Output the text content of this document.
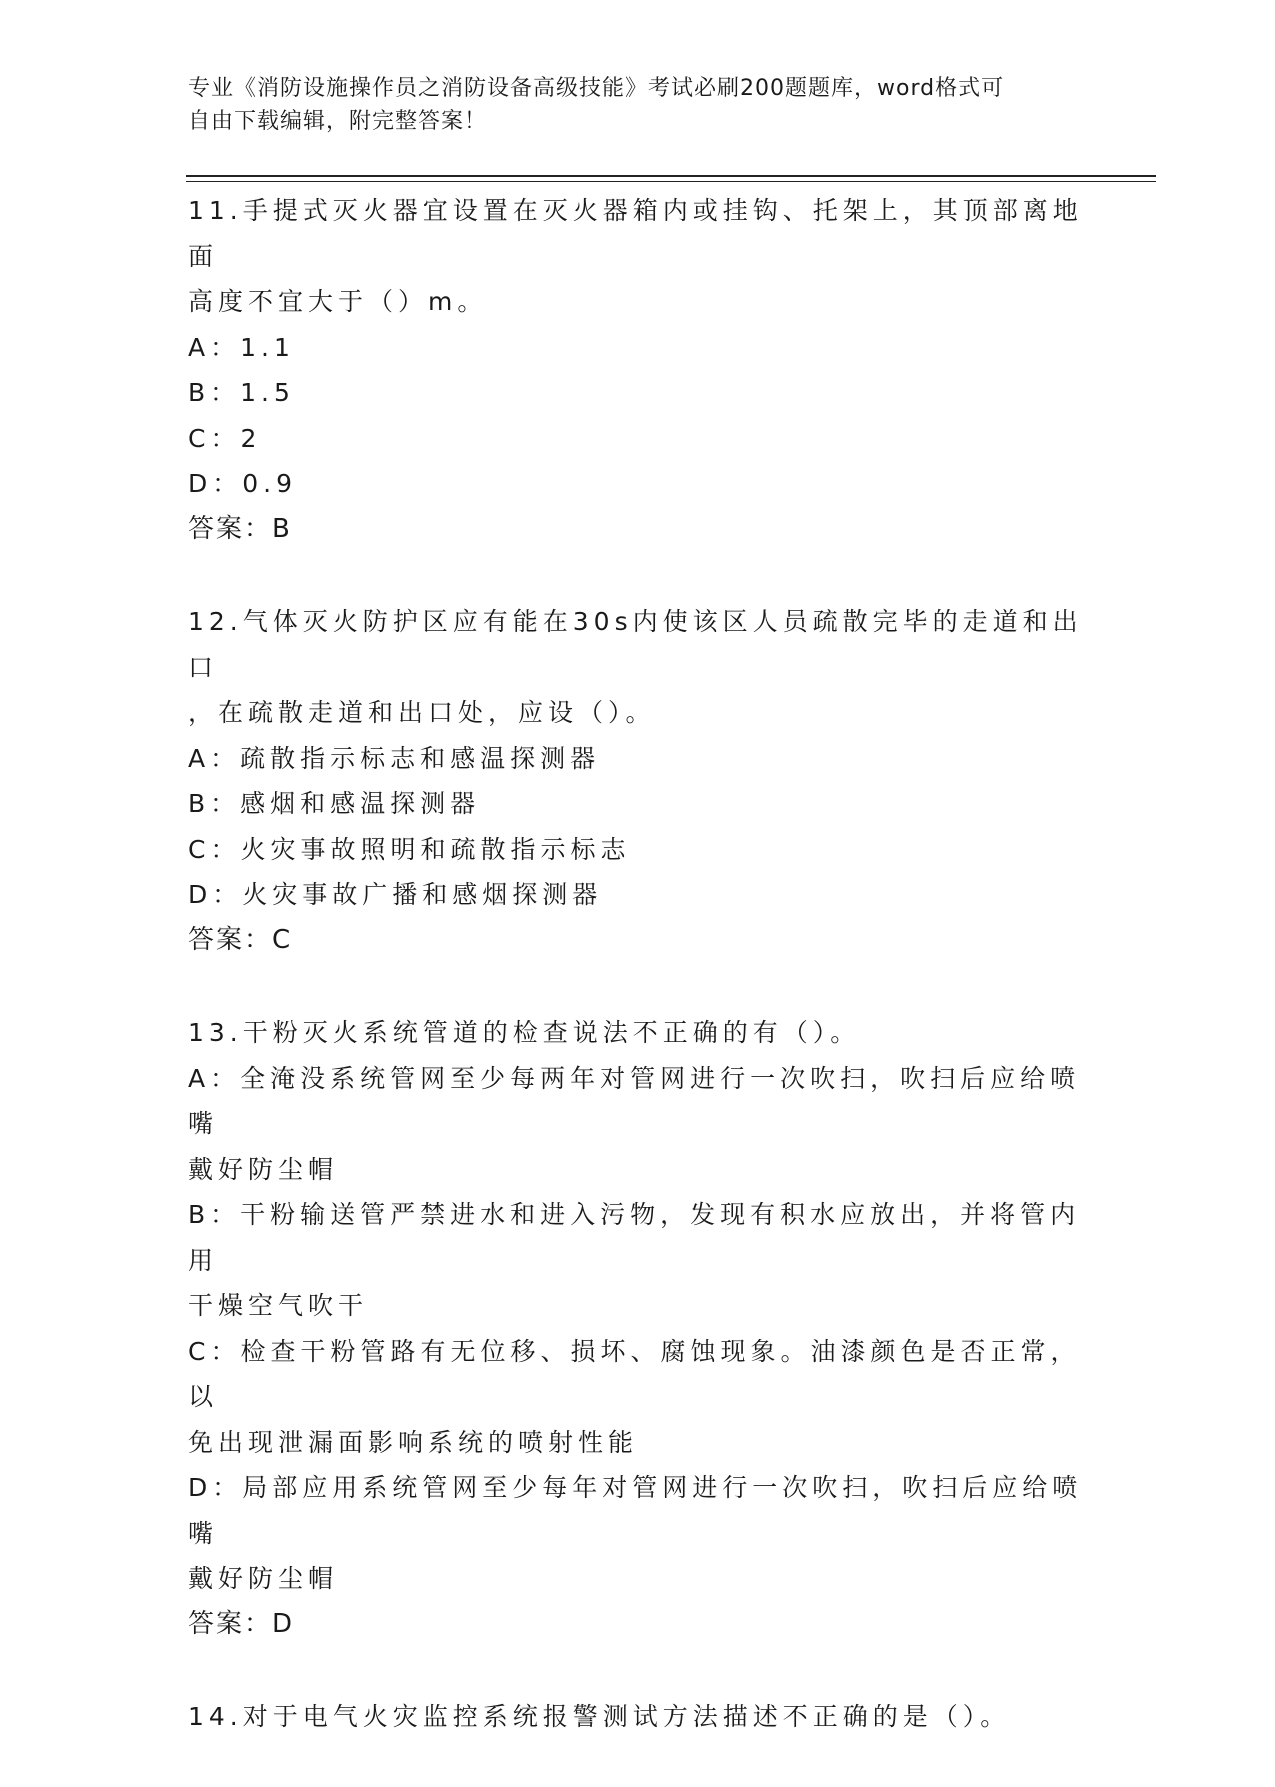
专业《消防设施操作员之消防设备高级技能》考试必刷200题题库，word格式可
自由下载编辑，附完整答案！
11.手提式灭火器宜设置在灭火器箱内或挂钩、托架上，其顶部离地面
高度不宜大于（）m。
A：1.1
B：1.5
C：2
D：0.9
答案：B
12.气体灭火防护区应有能在30s内使该区人员疏散完毕的走道和出口
，在疏散走道和出口处，应设（）。
A：疏散指示标志和感温探测器
B：感烟和感温探测器
C：火灾事故照明和疏散指示标志
D：火灾事故广播和感烟探测器
答案：C
13.干粉灭火系统管道的检查说法不正确的有（）。
A：全淹没系统管网至少每两年对管网进行一次吹扫，吹扫后应给喷嘴
戴好防尘帽
B：干粉输送管严禁进水和进入污物，发现有积水应放出，并将管内用
干燥空气吹干
C：检查干粉管路有无位移、损坏、腐蚀现象。油漆颜色是否正常，以
免出现泄漏面影响系统的喷射性能
D：局部应用系统管网至少每年对管网进行一次吹扫，吹扫后应给喷嘴
戴好防尘帽
答案：D
14.对于电气火灾监控系统报警测试方法描述不正确的是（）。
